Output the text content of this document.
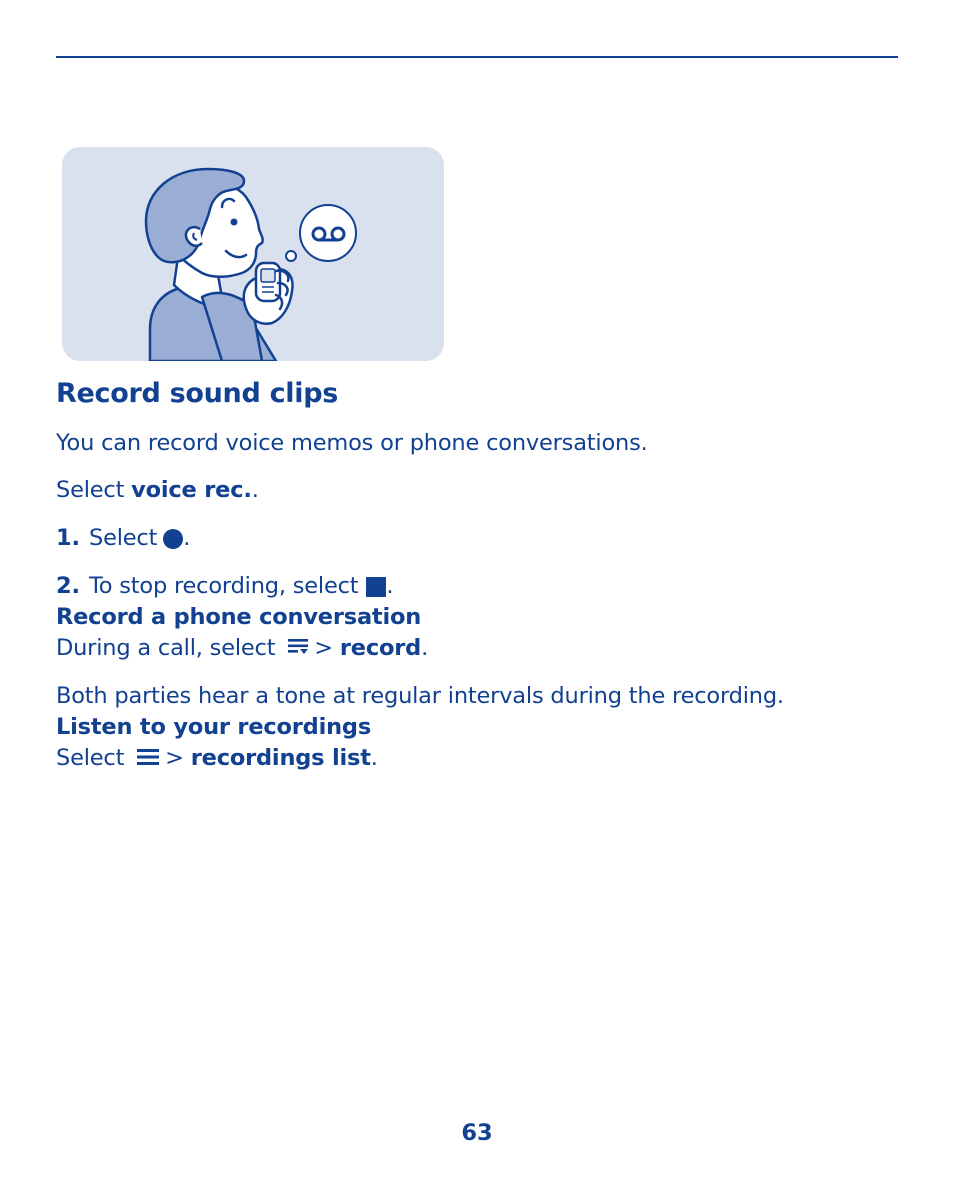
Record sound clips

You can record voice memos or phone conversations.

Select voice rec..

1. Select .
2. To stop recording, select .
Record a phone conversation

During a call, select > record.

Both parties hear a tone at regular intervals during the recording.

Listen to your recordings

Select > recordings list.

63
